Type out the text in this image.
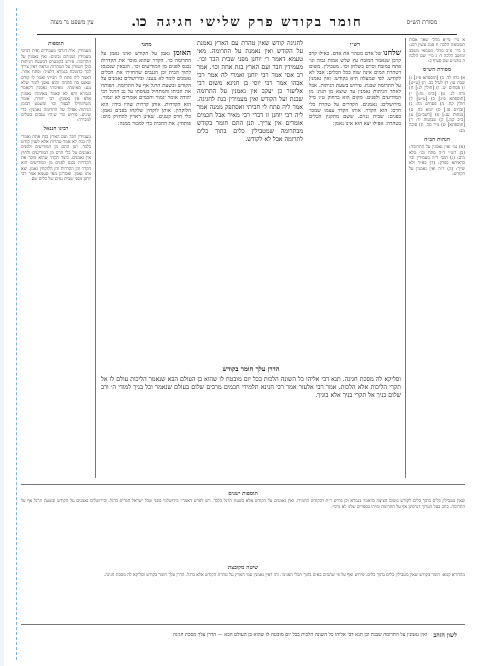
מסורת הש״ס
חומר בקודש פרק שלישי חגיגה
כו.
עין משפט נר מצוה
א מיי׳ פי״א מהל׳ שאר אבות הטומאה הלכה ח סמג עשין רמג: ב מיי׳ פ״ב מהל׳ מטמאי משכב ומושב הלכה ד: ג מיי׳ שם הלכה ה טוש״ע שם סעיף ב:
מסורת הש״ס
א) נדה לד. ב) [תוספתא פ״ג] ג) שבת טו: ד) לעיל כב. ה) [ע״ש] ו) פסחים יט. ז) [חולין לג:] ח) נדה לג. ט) [ב״מ נח:] י) [תוספתא פ״ג] כ) [ע״ש] ל) חולין קח. מ) פסחים מה: נ) [זבחים פז.] ס) יומא כח. ע) [מנחות עג:] פ) [רשב״ם] צ) [ב״ב קמ.] ק) שבועות יד: ר) [תוספתא] ש) נזיר סה. ת) סוכה מב:
הגהות הב״ח
(א) גמ׳ ואין נאמנין על התרומה: (ב) רש״י ד״ה פתח וכו׳ מלא מים: (ג) תוס׳ ד״ה מעמידין וכו׳ כדאיתא בפרק: (ד) בא״ד ולא שייך: (ה) ד״ה ואין נאמנין על הקודש:
תוספות
מעמידין. אית דגרסי מעמידים ואית דגרסי מעמידין ושניהם נכונים: ואין נאמנין על התרומה. פירש בקונטרס דבשעת הגיתות כולן חשודין על הטהרות ונראה דאין צריך לכך כדמוכח בגמרא דלעיל: ופתח אחר. דאמר ליה פתח לי חביתי ואמר לו קודם שאגע בה פתחה והוא נאמן לומר שלא נגע: מאימתי. מאימתי נאמנין דקאמר בגמרא והא לא קאמר מאימתי נאמנין אלא אין נאמנין: רבי יהודה. אומר משיתחילו לבצור וכו׳ ומשמע דבזמן הגיתות אפילו על התרומה נאמנין: כדי שיגיע. פירוש כדי שיהיו ענבים בשלים למכירה:
רבינו חננאל
מעמידין חבר ועם הארץ בגת אחת ואמרי לה בגת לא אמר טהרות אלא לענין קודש בלבד. תנן התם מן המודיעים ולפנים נאמנים על כלי חרס מן המודיעים ולחוץ אין נאמנים. כיצד הקדר שהוא מוכר את הקדרות נכנס לפנים מן המודיעים הוא הקדר והן הקדרות והן הלוקחין נאמן. יצא אינו נאמן. ואמרינן מאי טעמא אמר רבי יוחנן מפני שבית גנזים של כלים שם.
רש״י
שלחנו של אדם מטהר את אדם. כאילו קרב קרבן שנאמר המזבח עץ שלש אמות גבוה וגו׳ פתח במזבח וסיים בשלחן וכו׳. מטבילין. משום דטהרת המים אינה שוה בכל הכלים: אבל לא לקודש. לפי שמעלה היא בקודש: ואין נאמנין על התרומה שבגת. פירוש בשעת הגיתות. אבל לאחר הגיתות נאמנין עד שיצא מן הגת: מן המודיעים ולפנים. מקום הוא ברחוק ט״ו מיל מירושלים: נאמנים. הקדרים על טהרת כלי חרס: הוא הקדר. אותו הקדר עצמו שמכר בפנים: שבית גנזים. ששם מתקנין הכלים בטהרה: אפילו יצא הוא אינו נאמן:
מתני׳
האומן נאמן על הקודש ואינו נאמן על התרומה כו׳. הקדר שהוא מוכר את הקדרות נכנס לפנים מן המודיעים וכו׳. הגבאין שנכנסו לתוך הבית וכן הגנבים שהחזירו את הכלים נאמנים לומר לא נגענו. ובירושלים נאמנים על הקודש ובשעת הרגל אף על התרומה. הפותח את חביתו והמתחיל בעיסתו על גב הרגל רבי יהודה אומר יגמור וחכמים אומרים לא יגמור. הוא הקדרות. אותן קדרות שהיו בידו: הוא הלוקחין. אותן לוקחין שלקחו בפנים נאמן: כלי חרס קטנים. שאינן ראויין להחזיק מים: פותחין. את החבית כדי למכור ממנה:
לחגיגה קודש שאין טהרת עם הארץ נאמנת על הקודש ואין נאמנת על התרומה. מאי טעמא דאמר ר׳ יוחנן מפני שבית הבד וכו׳. מעמידין חבר ועם הארץ בגת אחת וכו׳. אמר רב אסי אמר רבי יוחנן ואמרי לה אמר רבי אבהו אמר רבי יוסי בן חנינא משום רבי אליעזר בן יעקב אין נאמנין על התרומה שבגת ועל הקודש ואין מעמידין בגת לחגיגה. אמר ליה פתח לי חביתי ואסתפק ממנה אמר ליה רבי יוחנן זו דברי רבי מאיר אבל חכמים אומרים אין צריך. תנן התם חומר בקודש מבתרומה שמטבילין כלים בתוך כלים לתרומה אבל לא לקודש.
הדרן עלך חומר בקודש
וסליקא לה מסכת חגיגה. תנא דבי אליהו כל השונה הלכות בכל יום מובטח לו שהוא בן העולם הבא שנאמר הליכות עולם לו אל תקרי הליכות אלא הלכות. אמר רבי אלעזר אמר רבי חנינא תלמידי חכמים מרבים שלום בעולם שנאמר וכל בניך למודי ה׳ ורב שלום בניך אל תקרי בניך אלא בוניך.
תוספות ישנים
שאין מטבילין כלים בתוך כלים לקודש משום חציצה כדאמר בגמרא וכן פירש ר״ת דבקודש החמירו. ואין נאמנים על הקודש אלא בשעת הרגל בלבד. ויש לפרש דאמרי׳ בירושלמי מפני שכל ישראל חברים ברגל. ובירושלים נאמנים על הקודש ובשעת הרגל אף על התרומה. כתב בעל הערוך דגרסינן אף על התרומה ומיהו בספרים שלנו לא גרסי׳.
שיטה מקובצת
מהדורא קמא: חומר בקודש שאין מטבילין כלים בתוך כלים. פירוש ואף על פי שהמים באים בתוך הכלי הפנימי. ותו דאין נאמנין עמי הארץ על טהרת הקודש אלא ברגל. הדרן עלך חומר בקודש וסליקא לה מסכת חגיגה.
לשון הזהב
ואין נאמנין על התרומה שבגת וכן תנא דבי אליהו כל השונה הלכות בכל יום מובטח לו שהוא בן העולם הבא — הדרן עלך מסכת חגיגה
